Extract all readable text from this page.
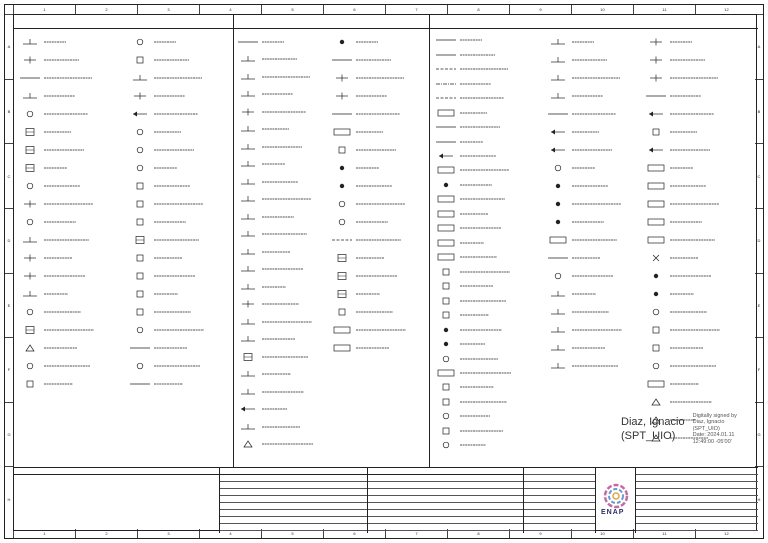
1	2	3	4	5	6	7	8	9	10	11	12
1	2	3	4	5	6	7	8	9	10	11	12
A
B
C
D
E
F
G
H
A
B
C
D
E
F
G
H
Diaz, Ignacio
(SPT_UIO)
Digitally signed by
Diaz, Ignacio
(SPT_UIO)
Date: 2024.01.11
12:49:00 -05'00'
ENAP
